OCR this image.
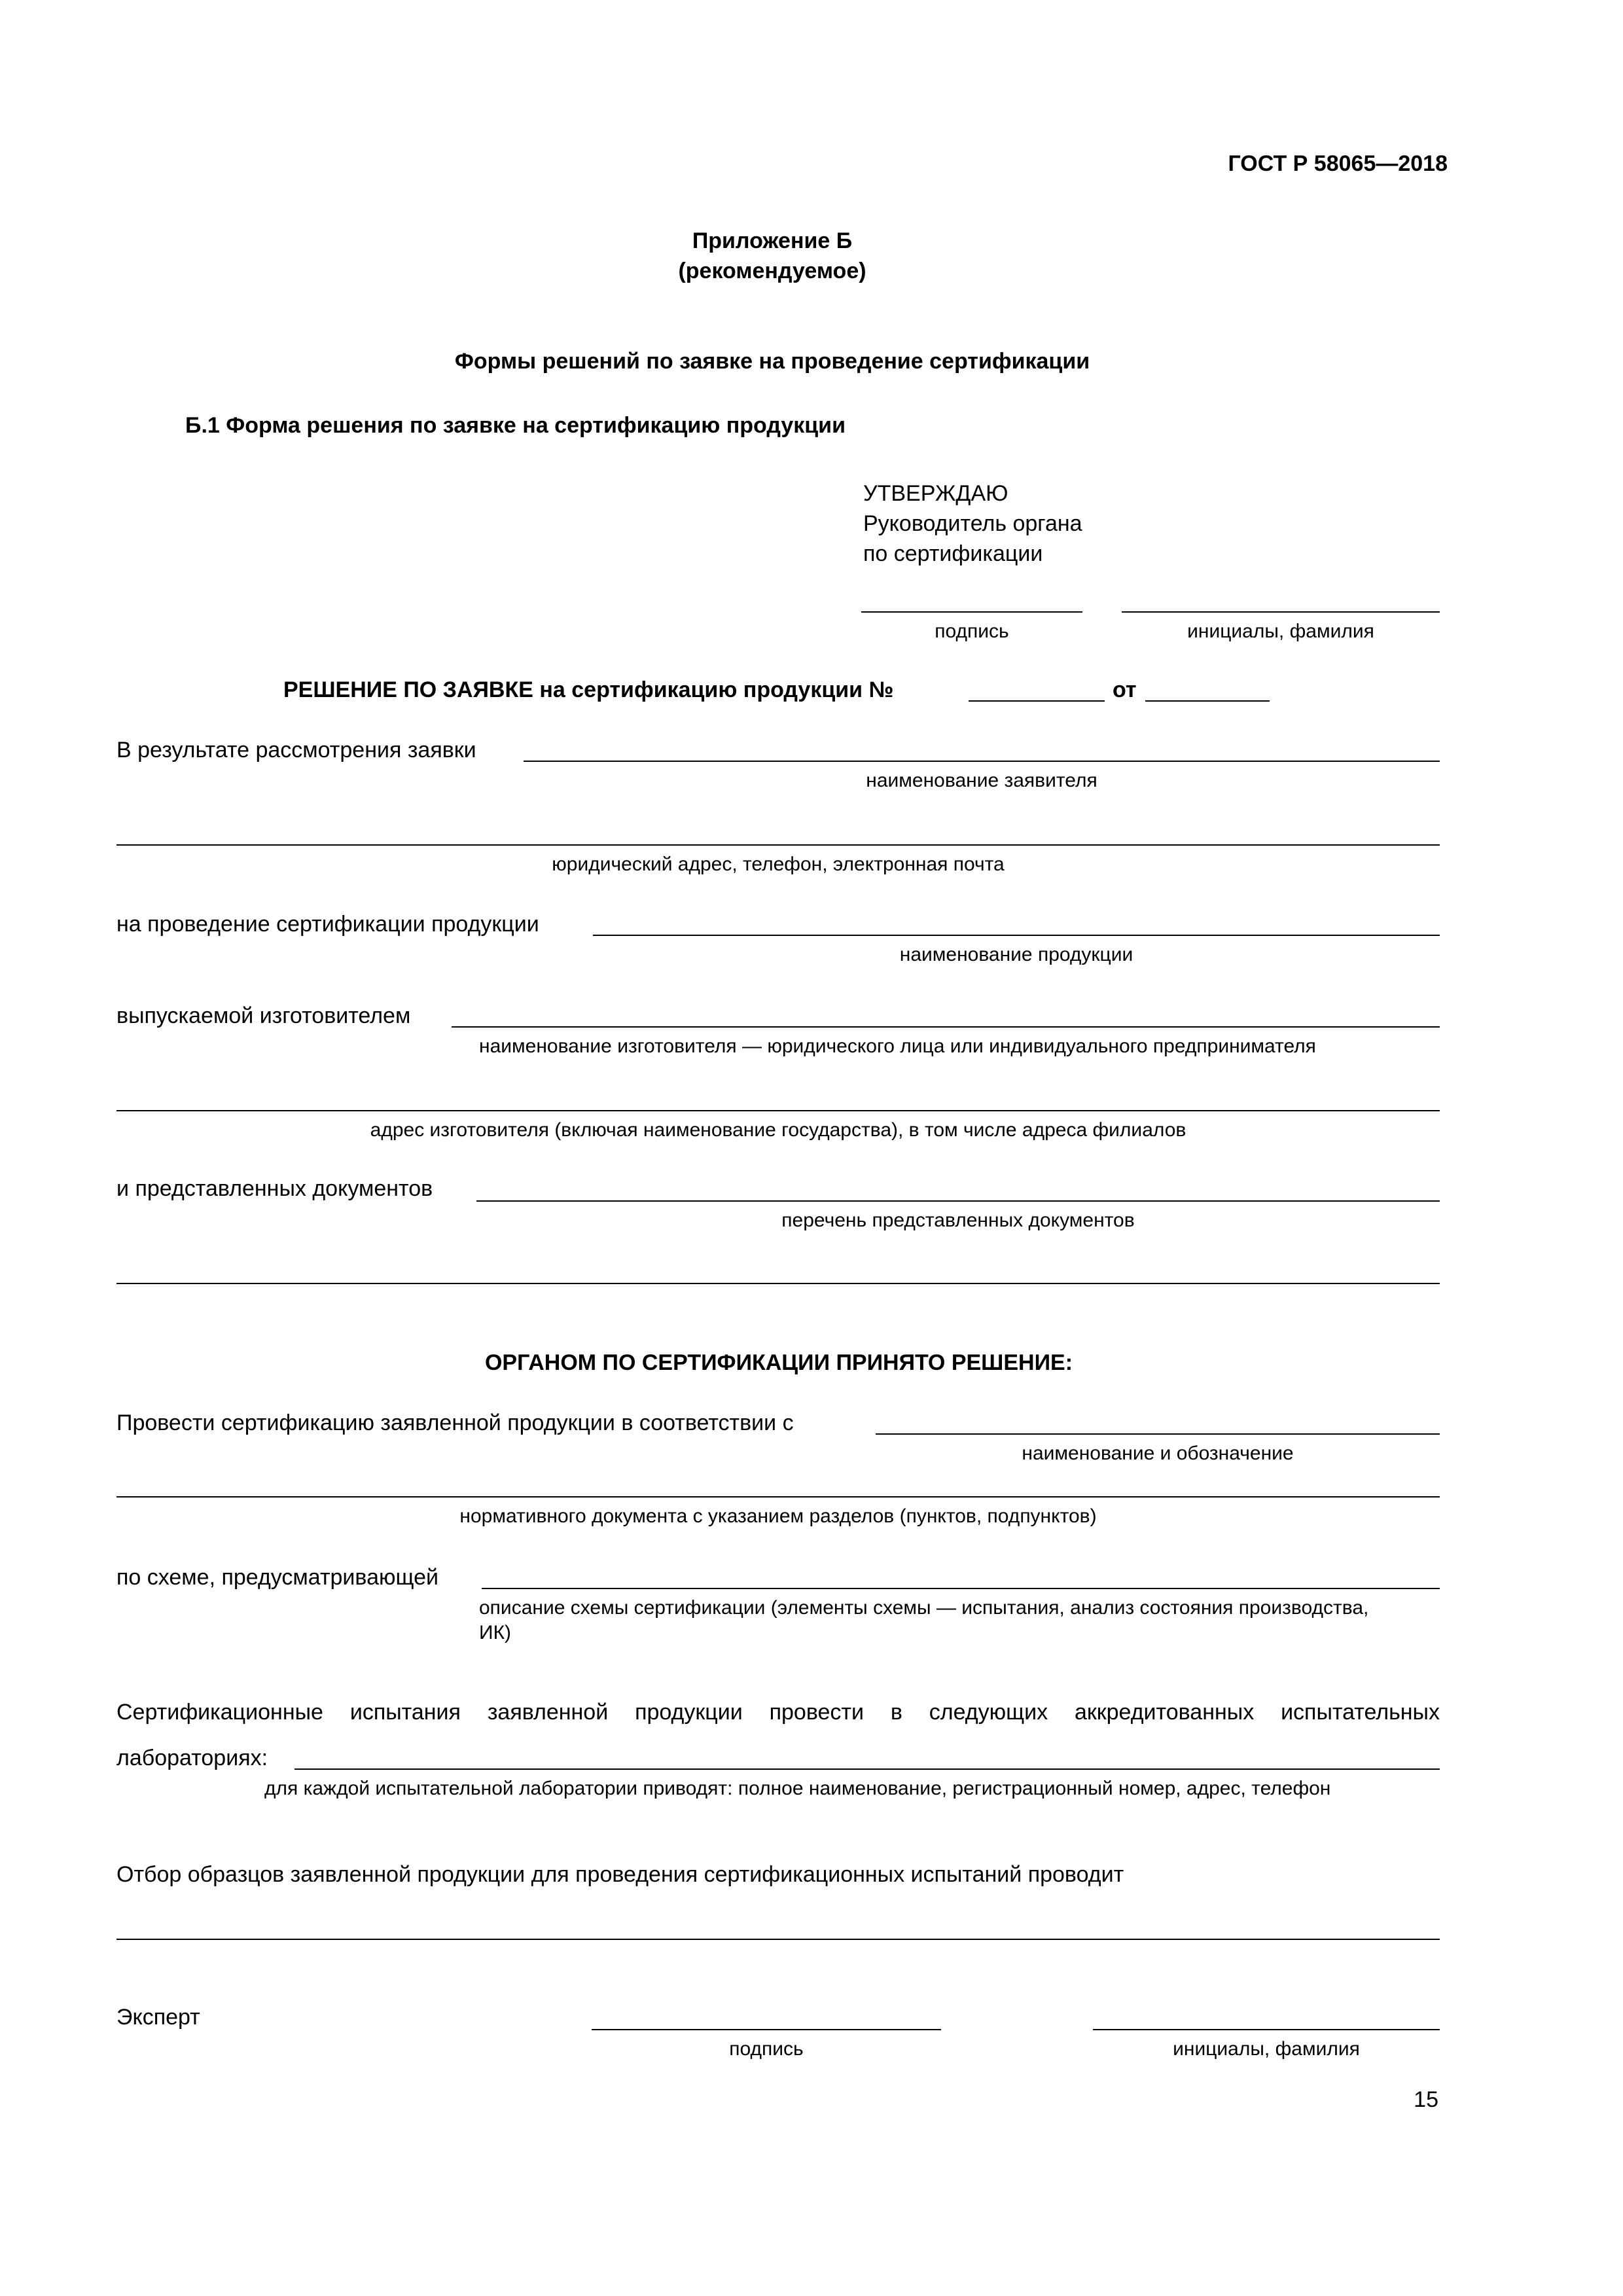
ГОСТ Р 58065—2018
Приложение Б
(рекомендуемое)
Формы решений по заявке на проведение сертификации
Б.1 Форма решения по заявке на сертификацию продукции
УТВЕРЖДАЮ
Руководитель органа
по сертификации
подпись	инициалы, фамилия
РЕШЕНИЕ ПО ЗАЯВКЕ на сертификацию продукции №	от
В результате рассмотрения заявки
наименование заявителя
юридический адрес, телефон, электронная почта
на проведение сертификации продукции
наименование продукции
выпускаемой изготовителем
наименование изготовителя — юридического лица или индивидуального предпринимателя
адрес изготовителя (включая наименование государства), в том числе адреса филиалов
и представленных документов
перечень представленных документов
ОРГАНОМ ПО СЕРТИФИКАЦИИ ПРИНЯТО РЕШЕНИЕ:
Провести сертификацию заявленной продукции в соответствии с
наименование и обозначение
нормативного документа с указанием разделов (пунктов, подпунктов)
по схеме, предусматривающей
описание схемы сертификации (элементы схемы — испытания, анализ состояния производства, ИК)
Сертификационные испытания заявленной продукции провести в следующих аккредитованных испытательных
лабораториях:
для каждой испытательной лаборатории приводят: полное наименование, регистрационный номер, адрес, телефон
Отбор образцов заявленной продукции для проведения сертификационных испытаний проводит
Эксперт
подпись	инициалы, фамилия
15
